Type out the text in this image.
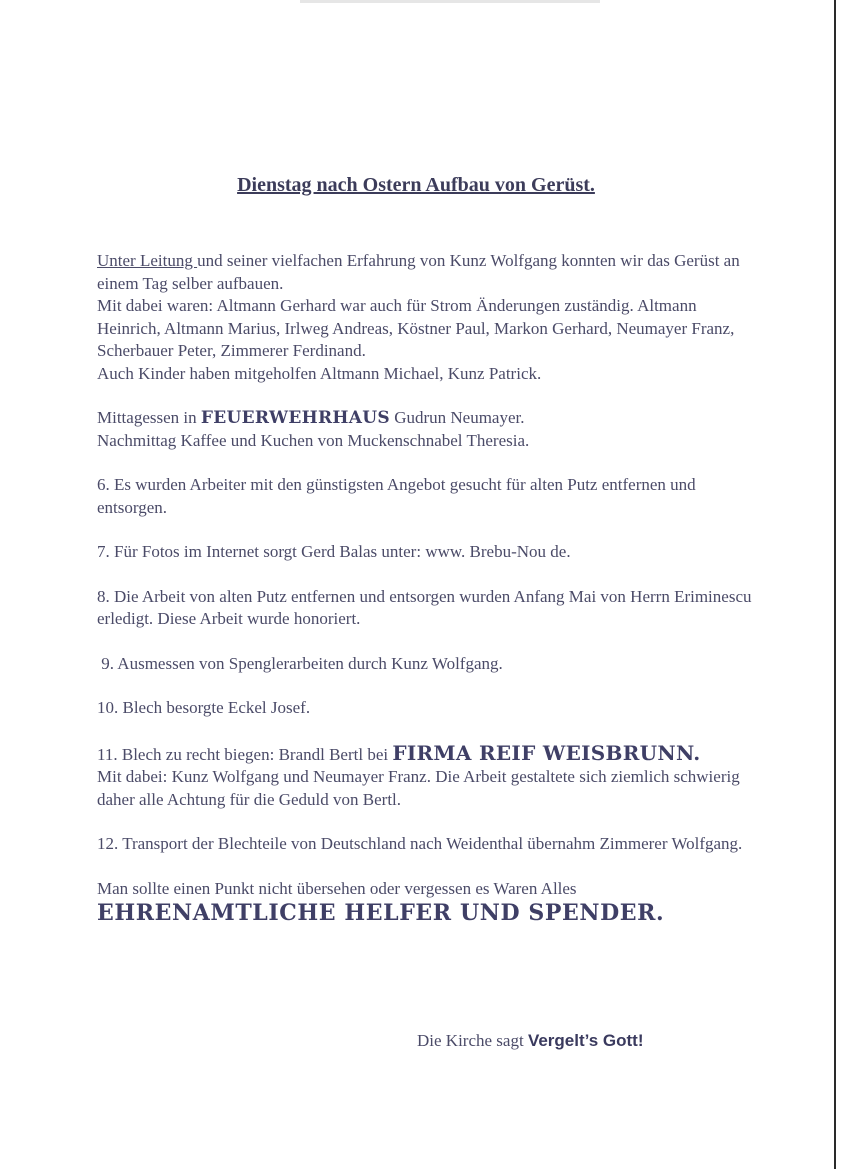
Dienstag nach Ostern Aufbau von Gerüst.

Unter Leitung und seiner vielfachen Erfahrung von Kunz Wolfgang konnten wir das Gerüst an einem Tag selber aufbauen.
Mit dabei waren: Altmann Gerhard war auch für Strom Änderungen zuständig. Altmann Heinrich, Altmann Marius, Irlweg Andreas, Köstner Paul, Markon Gerhard, Neumayer Franz, Scherbauer Peter, Zimmerer Ferdinand.
Auch Kinder haben mitgeholfen Altmann Michael, Kunz Patrick.

Mittagessen in FEUERWEHRHAUS Gudrun Neumayer.
Nachmittag Kaffee und Kuchen von Muckenschnabel Theresia.

6. Es wurden Arbeiter mit den günstigsten Angebot gesucht für alten Putz entfernen und entsorgen.

7. Für Fotos im Internet sorgt Gerd Balas unter: www. Brebu-Nou de.

8. Die Arbeit von alten Putz entfernen und entsorgen wurden Anfang Mai von Herrn Eriminescu erledigt. Diese Arbeit wurde honoriert.

9. Ausmessen von Spenglerarbeiten durch Kunz Wolfgang.

10. Blech besorgte Eckel Josef.

11. Blech zu recht biegen: Brandl Bertl bei FIRMA REIF WEISBRUNN.
Mit dabei: Kunz Wolfgang und Neumayer Franz. Die Arbeit gestaltete sich ziemlich schwierig daher alle Achtung für die Geduld von Bertl.

12. Transport der Blechteile von Deutschland nach Weidenthal übernahm Zimmerer Wolfgang.

Man sollte einen Punkt nicht übersehen oder vergessen es Waren Alles
EHRENAMTLICHE HELFER UND SPENDER.

Die Kirche sagt Vergelt’s Gott!
